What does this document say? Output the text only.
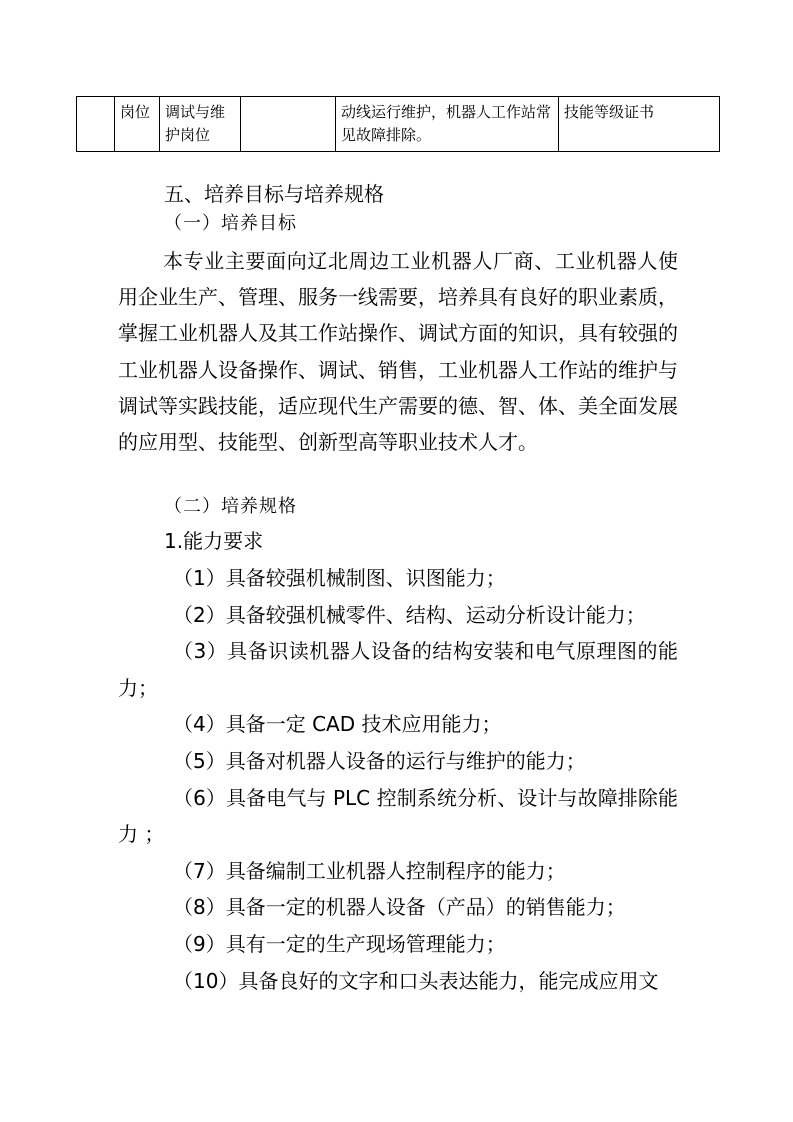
	岗位	调试与维护岗位		动线运行维护，机器人工作站常见故障排除。	技能等级证书
五、培养目标与培养规格
（一）培养目标
本专业主要面向辽北周边工业机器人厂商、工业机器人使用企业生产、管理、服务一线需要，培养具有良好的职业素质，掌握工业机器人及其工作站操作、调试方面的知识，具有较强的工业机器人设备操作、调试、销售，工业机器人工作站的维护与调试等实践技能，适应现代生产需要的德、智、体、美全面发展的应用型、技能型、创新型高等职业技术人才。
（二）培养规格
1.能力要求
（1）具备较强机械制图、识图能力；
（2）具备较强机械零件、结构、运动分析设计能力；
（3）具备识读机器人设备的结构安装和电气原理图的能力；
（4）具备一定 CAD 技术应用能力；
（5）具备对机器人设备的运行与维护的能力；
（6）具备电气与 PLC 控制系统分析、设计与故障排除能力 ；
（7）具备编制工业机器人控制程序的能力；
（8）具备一定的机器人设备（产品）的销售能力；
（9）具有一定的生产现场管理能力；
（10）具备良好的文字和口头表达能力，能完成应用文
